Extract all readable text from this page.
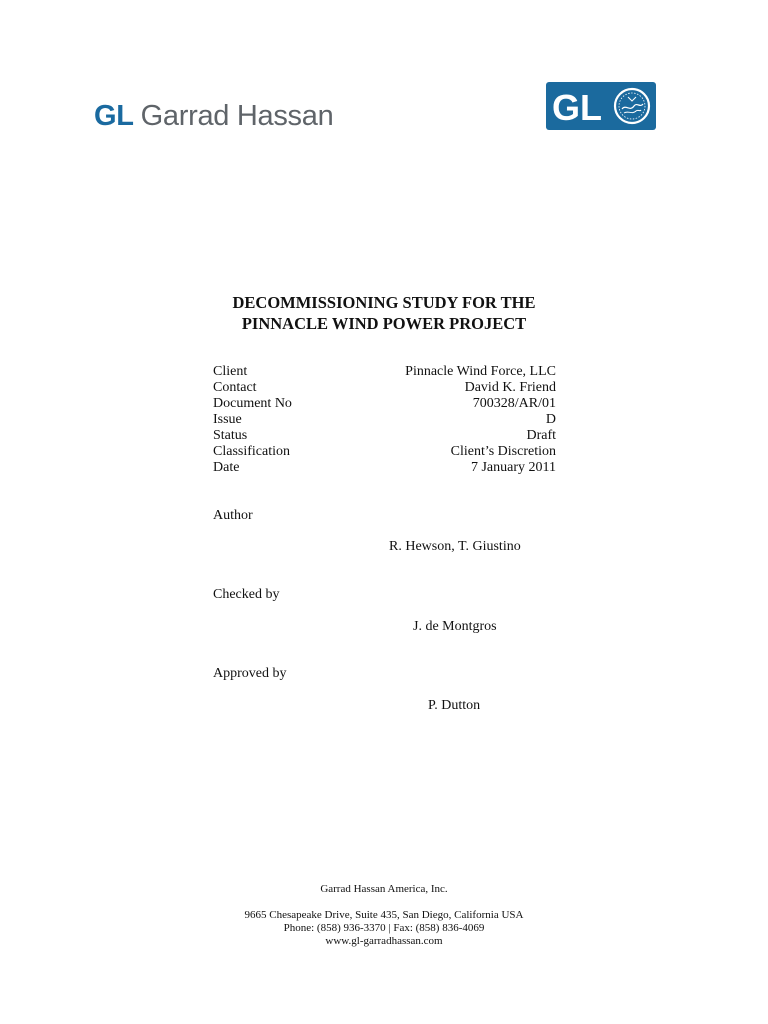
GL Garrad Hassan	GL
DECOMMISSIONING STUDY FOR THE
PINNACLE WIND POWER PROJECT
Client	Pinnacle Wind Force, LLC
Contact	David K. Friend
Document No	700328/AR/01
Issue	D
Status	Draft
Classification	Client’s Discretion
Date	7 January 2011
Author
R. Hewson, T. Giustino
Checked by
J. de Montgros
Approved by
P. Dutton
Garrad Hassan America, Inc.
9665 Chesapeake Drive, Suite 435, San Diego, California USA
Phone: (858) 936-3370 | Fax: (858) 836-4069
www.gl-garradhassan.com
